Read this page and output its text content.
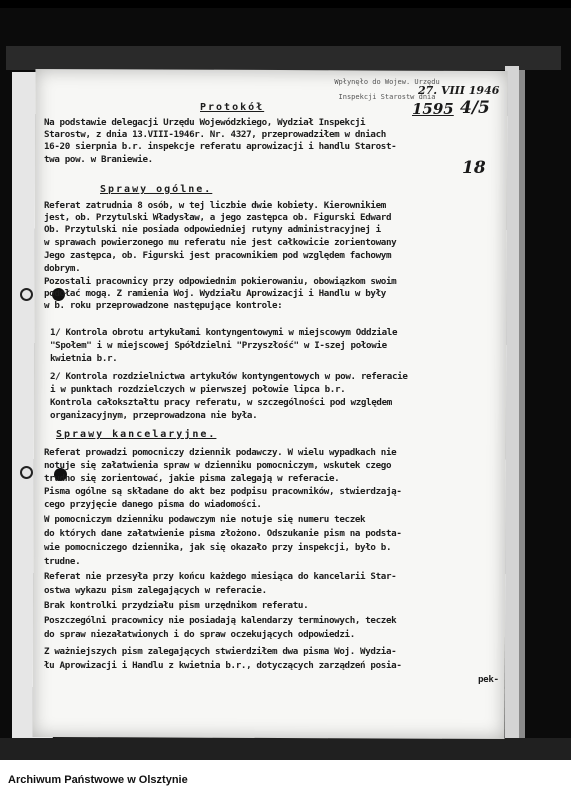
Wpłynęło do Wojew. Urzędu
Inspekcji Starostw dnia
27. VIII 1946
1595 4/5
18
Protokół
Na podstawie delegacji Urzędu Wojewódzkiego, Wydział Inspekcji
Starostw, z dnia 13.VIII-1946r. Nr. 4327, przeprowadziłem w dniach
16-20 sierpnia b.r. inspekcje referatu aprowizacji i handlu Starost-
twa pow. w Braniewie.
Sprawy ogólne.
Referat zatrudnia 8 osób, w tej liczbie dwie kobiety. Kierownikiem
jest, ob. Przytulski Władysław, a jego zastępca ob. Figurski Edward
Ob. Przytulski nie posiada odpowiedniej rutyny administracyjnej i
w sprawach powierzonego mu referatu nie jest całkowicie zorientowany
Jego zastępca, ob. Figurski jest pracownikiem pod względem fachowym
dobrym.
Pozostali pracownicy przy odpowiednim pokierowaniu, obowiązkom swoim
podołać mogą. Z ramienia Woj. Wydziału Aprowizacji i Handlu w były
w b. roku przeprowadzone następujące kontrole:
1/ Kontrola obrotu artykułami kontyngentowymi w miejscowym Oddziale
"Społem" i w miejscowej Spółdzielni "Przyszłość" w I-szej połowie
kwietnia b.r.
2/ Kontrola rozdzielnictwa artykułów kontyngentowych w pow. referacie
i w punktach rozdzielczych w pierwszej połowie lipca b.r.
Kontrola całokształtu pracy referatu, w szczególności pod względem
organizacyjnym, przeprowadzona nie była.
Sprawy kancelaryjne.
Referat prowadzi pomocniczy dziennik podawczy. W wielu wypadkach nie
notuje się załatwienia spraw w dzienniku pomocniczym, wskutek czego
trudno się zorientować, jakie pisma zalegają w referacie.
Pisma ogólne są składane do akt bez podpisu pracowników, stwierdzają-
cego przyjęcie danego pisma do wiadomości.
W pomocniczym dzienniku podawczym nie notuje się numeru teczek
do których dane załatwienie pisma złożono. Odszukanie pism na podsta-
wie pomocniczego dziennika, jak się okazało przy inspekcji, było b.
trudne.
Referat nie przesyła przy końcu każdego miesiąca do kancelarii Star-
ostwa wykazu pism zalegających w referacie.
Brak kontrolki przydziału pism urzędnikom referatu.
Poszczególni pracownicy nie posiadają kalendarzy terminowych, teczek
do spraw niezałatwionych i do spraw oczekujących odpowiedzi.
Z ważniejszych pism zalegających stwierdziłem dwa pisma Woj. Wydzia-
łu Aprowizacji i Handlu z kwietnia b.r., dotyczących zarządzeń posia-
pek-
Archiwum Państwowe w Olsztynie
